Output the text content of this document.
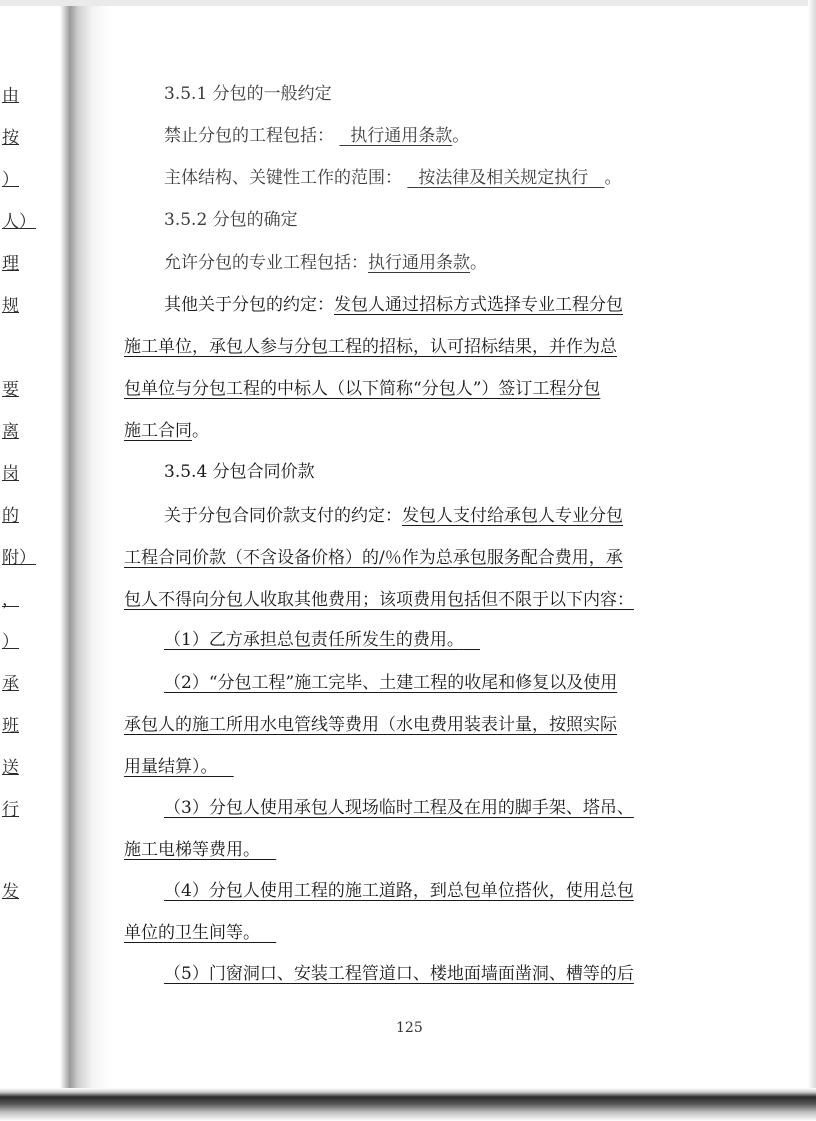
由
按
）
人）
理
规
要
离
岗
的
附）
，
）
承
班
送
行
发
3.5.1 分包的一般约定
禁止分包的工程包括： 执行通用条款。
主体结构、关键性工作的范围： 按法律及相关规定执行 。
3.5.2 分包的确定
允许分包的专业工程包括：执行通用条款。
其他关于分包的约定：发包人通过招标方式选择专业工程分包
施工单位，承包人参与分包工程的招标，认可招标结果，并作为总
包单位与分包工程的中标人（以下简称“分包人”）签订工程分包
施工合同。
3.5.4 分包合同价款
关于分包合同价款支付的约定：发包人支付给承包人专业分包
工程合同价款（不含设备价格）的/％作为总承包服务配合费用，承
包人不得向分包人收取其他费用；该项费用包括但不限于以下内容：
（1）乙方承担总包责任所发生的费用。
（2）“分包工程”施工完毕、土建工程的收尾和修复以及使用
承包人的施工所用水电管线等费用（水电费用装表计量，按照实际
用量结算）。
（3）分包人使用承包人现场临时工程及在用的脚手架、塔吊、
施工电梯等费用。
（4）分包人使用工程的施工道路，到总包单位搭伙，使用总包
单位的卫生间等。
（5）门窗洞口、安装工程管道口、楼地面墙面凿洞、槽等的后
125
